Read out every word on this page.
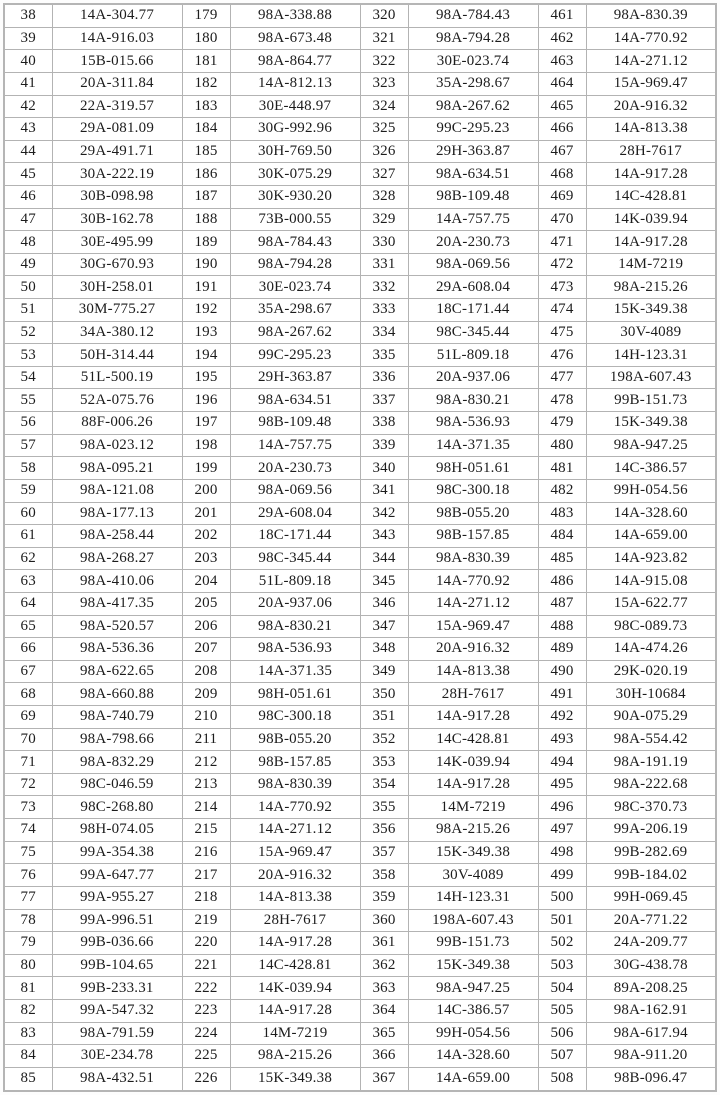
38	14A-304.77	179	98A-338.88	320	98A-784.43	461	98A-830.39
39	14A-916.03	180	98A-673.48	321	98A-794.28	462	14A-770.92
40	15B-015.66	181	98A-864.77	322	30E-023.74	463	14A-271.12
41	20A-311.84	182	14A-812.13	323	35A-298.67	464	15A-969.47
42	22A-319.57	183	30E-448.97	324	98A-267.62	465	20A-916.32
43	29A-081.09	184	30G-992.96	325	99C-295.23	466	14A-813.38
44	29A-491.71	185	30H-769.50	326	29H-363.87	467	28H-7617
45	30A-222.19	186	30K-075.29	327	98A-634.51	468	14A-917.28
46	30B-098.98	187	30K-930.20	328	98B-109.48	469	14C-428.81
47	30B-162.78	188	73B-000.55	329	14A-757.75	470	14K-039.94
48	30E-495.99	189	98A-784.43	330	20A-230.73	471	14A-917.28
49	30G-670.93	190	98A-794.28	331	98A-069.56	472	14M-7219
50	30H-258.01	191	30E-023.74	332	29A-608.04	473	98A-215.26
51	30M-775.27	192	35A-298.67	333	18C-171.44	474	15K-349.38
52	34A-380.12	193	98A-267.62	334	98C-345.44	475	30V-4089
53	50H-314.44	194	99C-295.23	335	51L-809.18	476	14H-123.31
54	51L-500.19	195	29H-363.87	336	20A-937.06	477	198A-607.43
55	52A-075.76	196	98A-634.51	337	98A-830.21	478	99B-151.73
56	88F-006.26	197	98B-109.48	338	98A-536.93	479	15K-349.38
57	98A-023.12	198	14A-757.75	339	14A-371.35	480	98A-947.25
58	98A-095.21	199	20A-230.73	340	98H-051.61	481	14C-386.57
59	98A-121.08	200	98A-069.56	341	98C-300.18	482	99H-054.56
60	98A-177.13	201	29A-608.04	342	98B-055.20	483	14A-328.60
61	98A-258.44	202	18C-171.44	343	98B-157.85	484	14A-659.00
62	98A-268.27	203	98C-345.44	344	98A-830.39	485	14A-923.82
63	98A-410.06	204	51L-809.18	345	14A-770.92	486	14A-915.08
64	98A-417.35	205	20A-937.06	346	14A-271.12	487	15A-622.77
65	98A-520.57	206	98A-830.21	347	15A-969.47	488	98C-089.73
66	98A-536.36	207	98A-536.93	348	20A-916.32	489	14A-474.26
67	98A-622.65	208	14A-371.35	349	14A-813.38	490	29K-020.19
68	98A-660.88	209	98H-051.61	350	28H-7617	491	30H-10684
69	98A-740.79	210	98C-300.18	351	14A-917.28	492	90A-075.29
70	98A-798.66	211	98B-055.20	352	14C-428.81	493	98A-554.42
71	98A-832.29	212	98B-157.85	353	14K-039.94	494	98A-191.19
72	98C-046.59	213	98A-830.39	354	14A-917.28	495	98A-222.68
73	98C-268.80	214	14A-770.92	355	14M-7219	496	98C-370.73
74	98H-074.05	215	14A-271.12	356	98A-215.26	497	99A-206.19
75	99A-354.38	216	15A-969.47	357	15K-349.38	498	99B-282.69
76	99A-647.77	217	20A-916.32	358	30V-4089	499	99B-184.02
77	99A-955.27	218	14A-813.38	359	14H-123.31	500	99H-069.45
78	99A-996.51	219	28H-7617	360	198A-607.43	501	20A-771.22
79	99B-036.66	220	14A-917.28	361	99B-151.73	502	24A-209.77
80	99B-104.65	221	14C-428.81	362	15K-349.38	503	30G-438.78
81	99B-233.31	222	14K-039.94	363	98A-947.25	504	89A-208.25
82	99A-547.32	223	14A-917.28	364	14C-386.57	505	98A-162.91
83	98A-791.59	224	14M-7219	365	99H-054.56	506	98A-617.94
84	30E-234.78	225	98A-215.26	366	14A-328.60	507	98A-911.20
85	98A-432.51	226	15K-349.38	367	14A-659.00	508	98B-096.47
